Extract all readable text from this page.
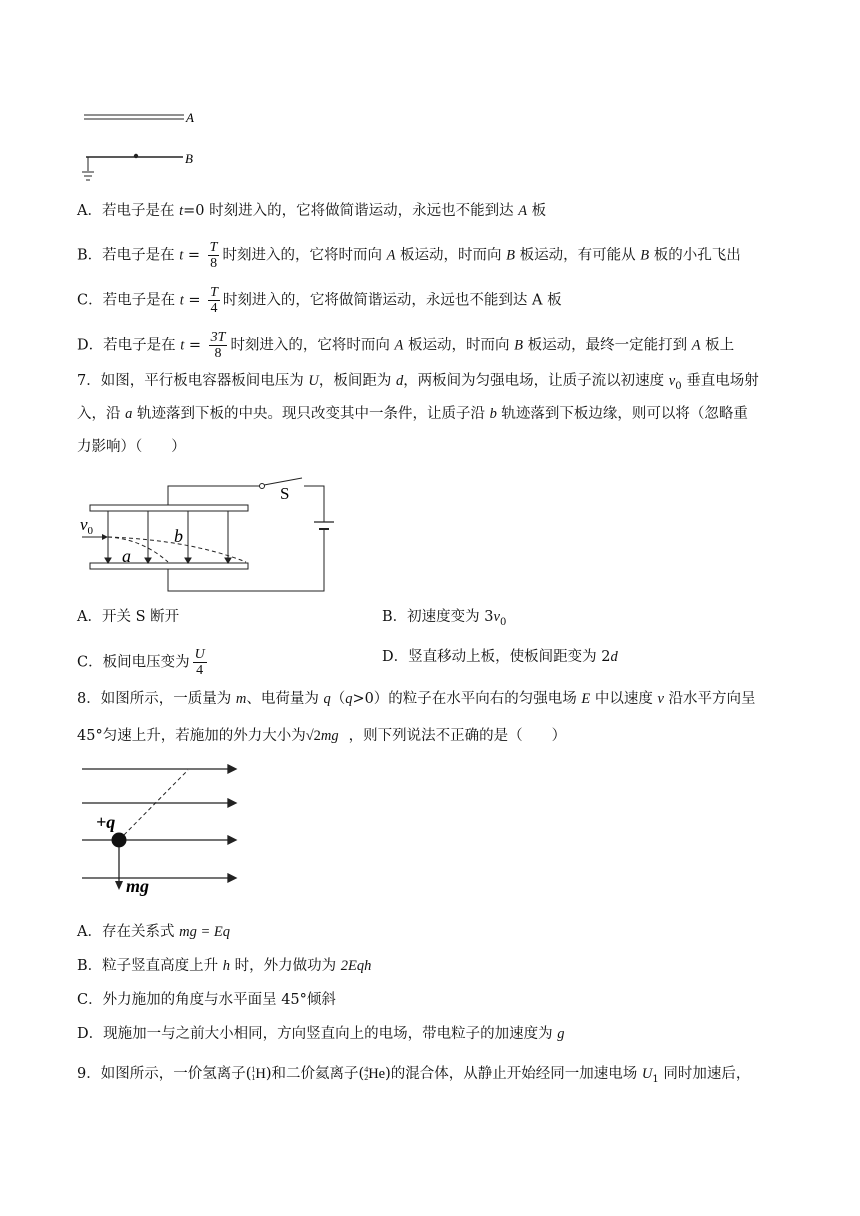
A
B
A．若电子是在 t=0 时刻进入的，它将做简谐运动，永远也不能到达 A 板
B．若电子是在 $t = \frac{T}{8}$ 时刻进入的，它将时而向 A 板运动，时而向 B 板运动，有可能从 B 板的小孔飞出
C．若电子是在 $t = \frac{T}{4}$ 时刻进入的，它将做简谐运动，永远也不能到达 A 板
D．若电子是在 $t = \frac{3T}{8}$ 时刻进入的，它将时而向 A 板运动，时而向 B 板运动，最终一定能打到 A 板上
7．如图，平行板电容器板间电压为 U，板间距为 d，两板间为匀强电场，让质子流以初速度 $v_0$ 垂直电场射
入，沿 a 轨迹落到下板的中央。现只改变其中一条件，让质子沿 b 轨迹落到下板边缘，则可以将（忽略重
力影响）（　　）
S
$v_0$
a
b
A．开关 S 断开	B．初速度变为 $3v_0$
C．板间电压变为 $\frac{U}{4}$	D．竖直移动上板，使板间距变为 2d
8．如图所示，一质量为 m、电荷量为 q（q>0）的粒子在水平向右的匀强电场 E 中以速度 v 沿水平方向呈
45°匀速上升，若施加的外力大小为√2mg ，则下列说法不正确的是（　　）
+q
mg
A．存在关系式 mg = Eq
B．粒子竖直高度上升 h 时，外力做功为 2Eqh
C．外力施加的角度与水平面呈 45°倾斜
D．现施加一与之前大小相同，方向竖直向上的电场，带电粒子的加速度为 g
9．如图所示，一价氢离子( 1
1 H)和二价氦离子( 4
2 He)的混合体，从静止开始经同一加速电场 $U_1$ 同时加速后，
